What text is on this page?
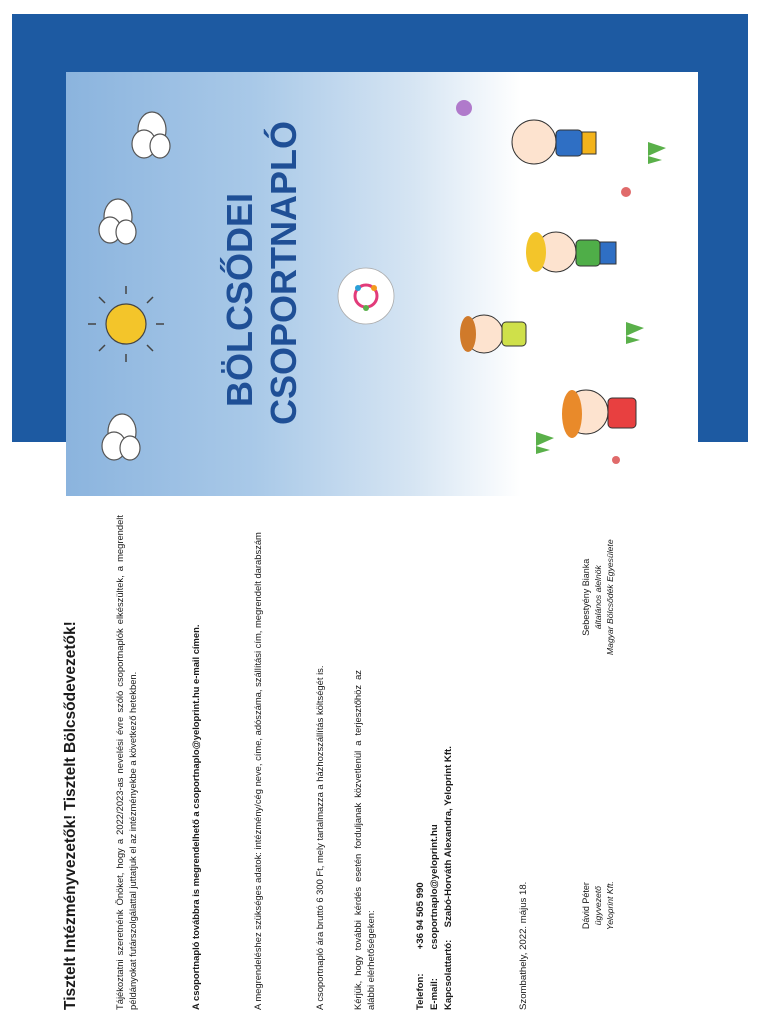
BÖLCSŐDEI CSOPORTNAPLÓ
Tisztelt Intézményvezetők! Tisztelt Bölcsődevezetők!	Tájékoztatni szeretnénk Önöket, hogy a 2022/2023-as nevelési évre szóló csoportnaplók elkészültek, a megrendelt példányokat futárszolgálattal juttatjuk el az intézményekbe a következő hetekben.	A csoportnapló továbbra is megrendelhető a csoportnaplo@yeloprint.hu e-mail címen.	A megrendeléshez szükséges adatok: intézmény/cég neve, címe, adószáma, szállítási cím, megrendelt darabszám	A csoportnapló ára bruttó 6 300 Ft, mely tartalmazza a házhozszállítás költségét is.	Kérjük, hogy további kérdés esetén forduljanak közvetlenül a terjesztőhöz az alábbi elérhetőségeken:	Telefon: +36 94 505 990
E-mail: csoportnaplo@yeloprint.hu
Kapcsolattartó: Szabó-Horváth Alexandra, Yeloprint Kft.
Szombathely, 2022. május 18.	Dávid Péter ügyvezető Yeloprint Kft.
Sebestyény Bianka általános alelnök Magyar Bölcsődék Egyesülete
